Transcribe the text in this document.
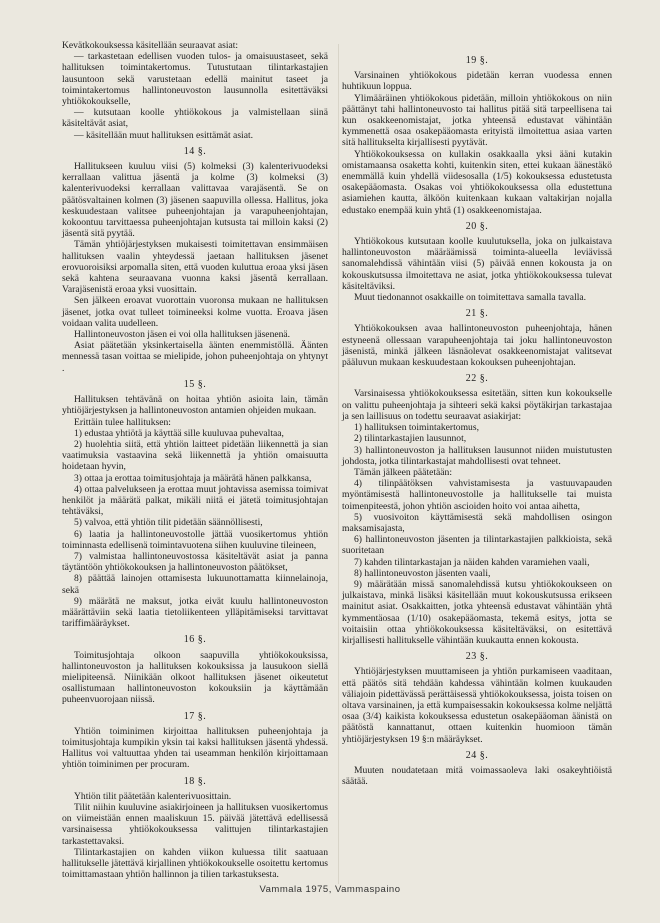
Kevätkokouksessa käsitellään seuraavat asiat:

— tarkastetaan edellisen vuoden tulos- ja omaisuustaseet, sekä hallituksen toimintakertomus. Tutustutaan tilintarkastajien lausuntoon sekä varustetaan edellä mainitut taseet ja toimintakertomus hallintoneuvoston lausunnolla esitettäväksi yhtiökokoukselle,

— kutsutaan koolle yhtiökokous ja valmistellaan siinä käsiteltävät asiat,

— käsitellään muut hallituksen esittämät asiat.

14 §.

Hallitukseen kuuluu viisi (5) kolmeksi (3) kalenterivuodeksi kerrallaan valittua jäsentä ja kolme (3) kolmeksi (3) kalenterivuodeksi kerrallaan valittavaa varajäsentä. Se on päätösvaltainen kolmen (3) jäsenen saapuvilla ollessa. Hallitus, joka keskuudestaan valitsee puheenjohtajan ja varapuheenjohtajan, kokoontuu tarvittaessa puheenjohtajan kutsusta tai milloin kaksi (2) jäsentä sitä pyytää.

Tämän yhtiöjärjestyksen mukaisesti toimitettavan ensimmäisen hallituksen vaalin yhteydessä jaetaan hallituksen jäsenet erovuoroisiksi arpomalla siten, että vuoden kuluttua eroaa yksi jäsen sekä kahtena seuraavana vuonna kaksi jäsentä kerrallaan. Varajäsenistä eroaa yksi vuosittain.

Sen jälkeen eroavat vuorottain vuoronsa mukaan ne hallituksen jäsenet, jotka ovat tulleet toimineeksi kolme vuotta. Eroava jäsen voidaan valita uudelleen.

Hallintoneuvoston jäsen ei voi olla hallituksen jäsenenä.

Asiat päätetään yksinkertaisella äänten enemmistöllä. Äänten mennessä tasan voittaa se mielipide, johon puheenjohtaja on yhtynyt .

15 §.

Hallituksen tehtävänä on hoitaa yhtiön asioita lain, tämän yhtiöjärjestyksen ja hallintoneuvoston antamien ohjeiden mukaan.

Erittäin tulee hallituksen:

1) edustaa yhtiötä ja käyttää sille kuuluvaa puhevaltaa,

2) huolehtia siitä, että yhtiön laitteet pidetään liikennettä ja sian vaatimuksia vastaavina sekä liikennettä ja yhtiön omaisuutta hoidetaan hyvin,

3) ottaa ja erottaa toimitusjohtaja ja määrätä hänen palkkansa,

4) ottaa palvelukseen ja erottaa muut johtavissa asemissa toimivat henkilöt ja määrätä palkat, mikäli niitä ei jätetä toimitusjohtajan tehtäväksi,

5) valvoa, että yhtiön tilit pidetään säännöllisesti,

6) laatia ja hallintoneuvostolle jättää vuosikertomus yhtiön toiminnasta edellisenä toimintavuotena siihen kuuluvine tileineen,

7) valmistaa hallintoneuvostossa käsiteltävät asiat ja panna täytäntöön yhtiökokouksen ja hallintoneuvoston päätökset,

8) päättää lainojen ottamisesta lukuunottamatta kiinnelainoja, sekä

9) määrätä ne maksut, jotka eivät kuulu hallintoneuvoston määrättäviin sekä laatia tietoliikenteen ylläpitämiseksi tarvittavat tariffimääräykset.

16 §.

Toimitusjohtaja olkoon saapuvilla yhtiökokouksissa, hallintoneuvoston ja hallituksen kokouksissa ja lausukoon siellä mielipiteensä. Niinikään olkoot hallituksen jäsenet oikeutetut osallistumaan hallintoneuvoston kokouksiin ja käyttämään puheenvuorojaan niissä.

17 §.

Yhtiön toiminimen kirjoittaa hallituksen puheenjohtaja ja toimitusjohtaja kumpikin yksin tai kaksi hallituksen jäsentä yhdessä. Hallitus voi valtuuttaa yhden tai useamman henkilön kirjoittamaan yhtiön toiminimen per procuram.

18 §.

Yhtiön tilit päätetään kalenterivuosittain.

Tilit niihin kuuluvine asiakirjoineen ja hallituksen vuosikertomus on viimeistään ennen maaliskuun 15. päivää jätettävä edellisessä varsinaisessa yhtiökokouksessa valittujen tilintarkastajien tarkastettavaksi.

Tilintarkastajien on kahden viikon kuluessa tilit saatuaan hallitukselle jätettävä kirjallinen yhtiökokoukselle osoitettu kertomus toimittamastaan yhtiön hallinnon ja tilien tarkastuksesta.

19 §.

Varsinainen yhtiökokous pidetään kerran vuodessa ennen huhtikuun loppua.

Ylimääräinen yhtiökokous pidetään, milloin yhtiökokous on niin päättänyt tahi hallintoneuvosto tai hallitus pitää sitä tarpeellisena tai kun osakkeenomistajat, jotka yhteensä edustavat vähintään kymmenettä osaa osakepääomasta erityistä ilmoitettua asiaa varten sitä hallitukselta kirjallisesti pyytävät.

Yhtiökokouksessa on kullakin osakkaalla yksi ääni kutakin omistamaansa osaketta kohti, kuitenkin siten, ettei kukaan äänestäkö enemmällä kuin yhdellä viidesosalla (1/5) kokouksessa edustetusta osakepääomasta. Osakas voi yhtiökokouksessa olla edustettuna asiamiehen kautta, älköön kuitenkaan kukaan valtakirjan nojalla edustako enempää kuin yhtä (1) osakkeenomistajaa.

20 §.

Yhtiökokous kutsutaan koolle kuulutuksella, joka on julkaistava hallintoneuvoston määräämissä toiminta-alueella leviävissä sanomalehdissä vähintään viisi (5) päivää ennen kokousta ja on kokouskutsussa ilmoitettava ne asiat, jotka yhtiökokouksessa tulevat käsiteltäviksi.

Muut tiedonannot osakkaille on toimitettava samalla tavalla.

21 §.

Yhtiökokouksen avaa hallintoneuvoston puheenjohtaja, hänen estyneenä ollessaan varapuheenjohtaja tai joku hallintoneuvoston jäsenistä, minkä jälkeen läsnäolevat osakkeenomistajat valitsevat pääluvun mukaan keskuudestaan kokouksen puheenjohtajan.

22 §.

Varsinaisessa yhtiökokouksessa esitetään, sitten kun kokoukselle on valittu puheenjohtaja ja sihteeri sekä kaksi pöytäkirjan tarkastajaa ja sen laillisuus on todettu seuraavat asiakirjat:

1) hallituksen toimintakertomus,

2) tilintarkastajien lausunnot,

3) hallintoneuvoston ja hallituksen lausunnot niiden muistutusten johdosta, jotka tilintarkastajat mahdollisesti ovat tehneet.

Tämän jälkeen päätetään:

4) tilinpäätöksen vahvistamisesta ja vastuuvapauden myöntämisestä hallintoneuvostolle ja hallitukselle tai muista toimenpiteestä, johon yhtiön ascioiden hoito voi antaa aihetta,

5) vuosivoiton käyttämisestä sekä mahdollisen osingon maksamisajasta,

6) hallintoneuvoston jäsenten ja tilintarkastajien palkkioista, sekä suoritetaan

7) kahden tilintarkastajan ja näiden kahden varamiehen vaali,

8) hallintoneuvoston jäsenten vaali,

9) määrätään missä sanomalehdissä kutsu yhtiökokoukseen on julkaistava, minkä lisäksi käsitellään muut kokouskutsussa erikseen mainitut asiat. Osakkaitten, jotka yhteensä edustavat vähintään yhtä kymmentäosaa (1/10) osakepääomasta, tekemä esitys, jotta se voitaisiin ottaa yhtiökokouksessa käsiteltäväksi, on esitettävä kirjallisesti hallitukselle vähintään kuukautta ennen kokousta.

23 §.

Yhtiöjärjestyksen muuttamiseen ja yhtiön purkamiseen vaaditaan, että päätös sitä tehdään kahdessa vähintään kolmen kuukauden väliajoin pidettävässä perättäisessä yhtiökokouksessa, joista toisen on oltava varsinainen, ja että kumpaisessakin kokouksessa kolme neljättä osaa (3/4) kaikista kokouksessa edustetun osakepääoman äänistä on päätöstä kannattanut, ottaen kuitenkin huomioon tämän yhtiöjärjestyksen 19 §:n määräykset.

24 §.

Muuten noudatetaan mitä voimassaoleva laki osakeyhtiöistä säätää.

Vammala 1975, Vammaspaino
